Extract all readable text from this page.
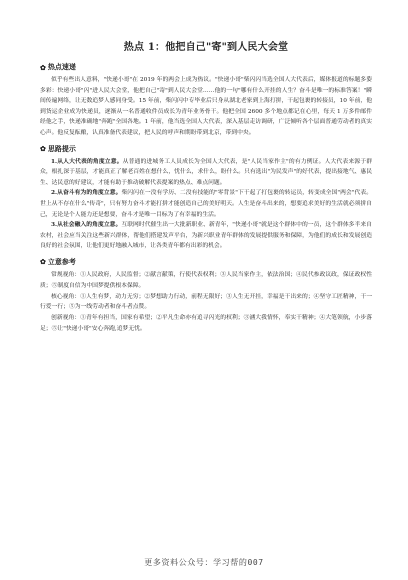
热点 1：他把自己"寄"到人民大会堂
✿ 热点速递

似乎有些出人意料，"快递小哥"在 2019 年的两会上成为热议。"快递小哥"柴闪闪当选全国人大代表后，媒体报道的标题多姿多彩：快递小哥"闪"进人民大会堂，他把自己"寄"到人民大会堂……他的一句"哪有什么开挂的人生？奋斗是唯一的标准答案！"瞬间传遍网络，让无数追梦人感同身受。15 年前，柴闪闪中专毕业后只身从湖北老家到上海打拼，干起包裹的转接员，10 年前，他到货运企业成为快递员，逐渐从一名普通收件员成长为青年业务骨干。他把全国 2600 多个地点都记在心里，每天 1 万多件邮件经他之手，快递准确地"奔跑"全国各地。1 年前，他当选全国人大代表，深入基层走访调研，广泛倾听各个层面普通劳动者的真实心声。他反复酝酿，认真准备代表建议，把人民的呼声和期盼带到北京，带到中央。

✿ 思路提示

1.从人大代表的角度立意。从普通的进城务工人员成长为全国人大代表，是"人民当家作主"的有力例证。人大代表来源于群众，根扎深于基层，才能真正了解老百姓在想什么，忧什么，求什么，盼什么。只有选出"为民发声"的好代表，提出接地气、惠民生、达民意的好建议，才能有助于推动破解代表提案的热点、难点问题。

2.从奋斗有为的角度立意。柴闪闪在一没有学历、二没有技能的"零背景"下干起了打包裹的转运员，转变成全国"两会"代表。世上从不存在什么"传奇"，只有努力奋斗才能打拼才能创造自己的美好明天。人生是奋斗出来的，想要追求美好的生活就必须拼自己，无论是个人能力还是想要，奋斗才是唯一目标为了有幸福的生活。

3.从社会融入的角度立意。互联网时代催生出一大批新职业、新青年，"快递小哥"就是这个群体中的一员，这个群体多半来自农村，社会应当关注这些新兴群体，帮他们搭建发声平台，为新兴职业青年群体的发展提供服务和保障，为他们的成长和发展创造良好的社会氛围，让他们更好地融入城市，让各类青年都有出彩的机会。

✿ 立意参考

常规视角：①人民政府，人民监督；②献言献策，行使代表权利；③人民当家作主，依法治国；④民代参政议政，保证政权性质；⑤制度自信为中国梦提供根本保障。

核心视角：①人生有梦，动力无穷；②梦想助力行动，前程无限好；③人生无开挂，幸福是干出来的；④坚守工匠精神，干一行爱一行；⑤为一线劳动者和奋斗者点赞。

创新视角：①青年有担当，国家有希望；②平凡生命亦有追寻闪光的权利；③涵大我情怀，奉实干精神；④大笔领航，小步落足；⑤让"快递小哥"安心奔跑,追梦无忧。

更多资料公众号：学习帮的007
